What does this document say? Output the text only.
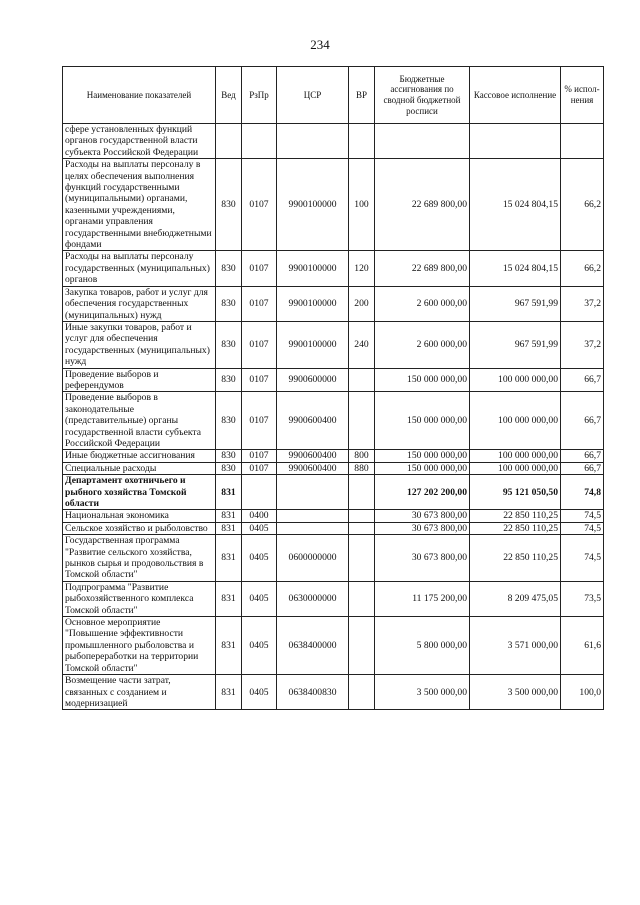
234
Наименование показателей	Вед	РзПр	ЦСР	ВР	Бюджетные ассигнования по сводной бюджетной росписи	Кассовое исполнение	% испол-нения
сфере установленных функций органов государственной власти субъекта Российской Федерации							
Расходы на выплаты персоналу в целях обеспечения выполнения функций государственными (муниципальными) органами, казенными учреждениями, органами управления государственными внебюджетными фондами	830	0107	9900100000	100	22 689 800,00	15 024 804,15	66,2
Расходы на выплаты персоналу государственных (муниципальных) органов	830	0107	9900100000	120	22 689 800,00	15 024 804,15	66,2
Закупка товаров, работ и услуг для обеспечения государственных (муниципальных) нужд	830	0107	9900100000	200	2 600 000,00	967 591,99	37,2
Иные закупки товаров, работ и услуг для обеспечения государственных (муниципальных) нужд	830	0107	9900100000	240	2 600 000,00	967 591,99	37,2
Проведение выборов и референдумов	830	0107	9900600000		150 000 000,00	100 000 000,00	66,7
Проведение выборов в законодательные (представительные) органы государственной власти субъекта Российской Федерации	830	0107	9900600400		150 000 000,00	100 000 000,00	66,7
Иные бюджетные ассигнования	830	0107	9900600400	800	150 000 000,00	100 000 000,00	66,7
Специальные расходы	830	0107	9900600400	880	150 000 000,00	100 000 000,00	66,7
Департамент охотничьего и рыбного хозяйства Томской области	831				127 202 200,00	95 121 050,50	74,8
Национальная экономика	831	0400			30 673 800,00	22 850 110,25	74,5
Сельское хозяйство и рыболовство	831	0405			30 673 800,00	22 850 110,25	74,5
Государственная программа "Развитие сельского хозяйства, рынков сырья и продовольствия в Томской области"	831	0405	0600000000		30 673 800,00	22 850 110,25	74,5
Подпрограмма "Развитие рыбохозяйственного комплекса Томской области"	831	0405	0630000000		11 175 200,00	8 209 475,05	73,5
Основное мероприятие "Повышение эффективности промышленного рыболовства и рыбопереработки на территории Томской области"	831	0405	0638400000		5 800 000,00	3 571 000,00	61,6
Возмещение части затрат, связанных с созданием и модернизацией	831	0405	0638400830		3 500 000,00	3 500 000,00	100,0
